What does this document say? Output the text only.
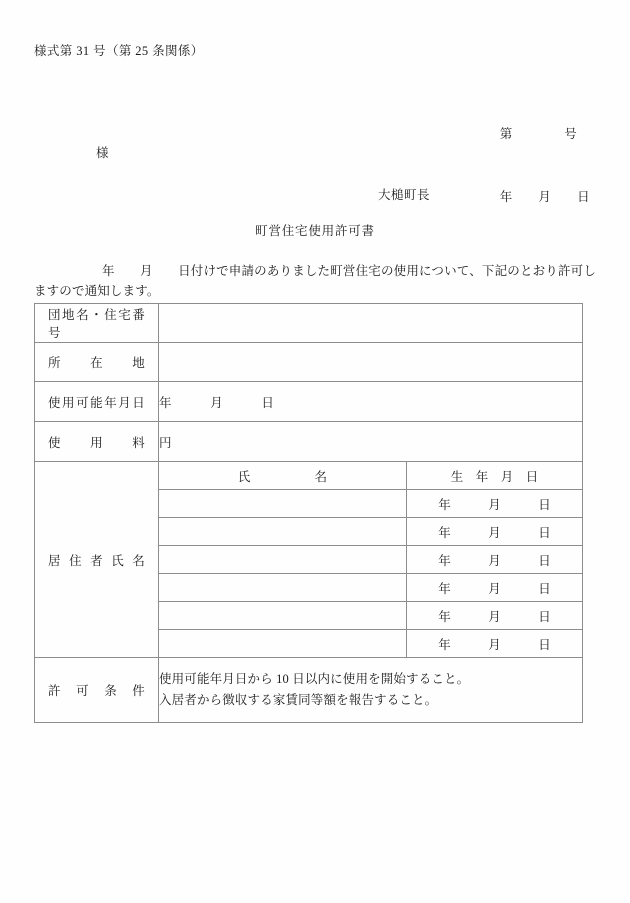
様式第 31 号（第 25 条関係）

第　　　　号

年　　月　　日

様
大槌町長
町営住宅使用許可書
年　　月　　日付けで申請のありました町営住宅の使用について、下記のとおり許可しますので通知します。
団地名・住宅番号		

所在地		

使用可能年月日	年　　　月　　　日	

使用料	円	

居住者氏名	氏　　　　　名	生　年　月　日
		年　　　月　　　日
		年　　　月　　　日
		年　　　月　　　日
		年　　　月　　　日
		年　　　月　　　日
		年　　　月　　　日

許可条件	使用可能年月日から 10 日以内に使用を開始すること。
入居者から徴収する家賃同等額を報告すること。	
